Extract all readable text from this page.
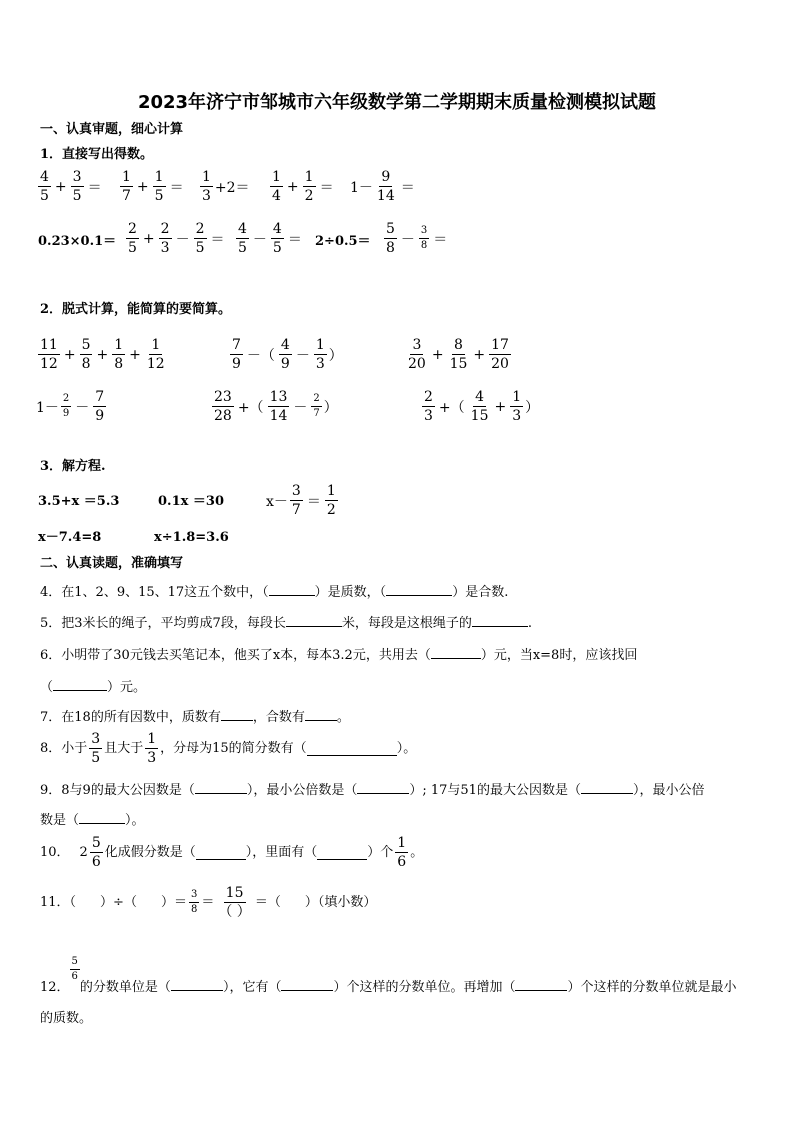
2023年济宁市邹城市六年级数学第二学期期末质量检测模拟试题
一、认真审题，细心计算
1．直接写出得数。
$\frac{4}{5} + \frac{3}{5} = \frac{1}{7} + \frac{1}{5} = \frac{1}{3} +2= \frac{1}{4} + \frac{1}{2} = 1- \frac{9}{14}$ ＝
$0.23\times 0.1= \frac{2}{5} + \frac{2}{3} - \frac{2}{5} = \frac{4}{5} - \frac{4}{5} = 2\div 0.5= \frac{5}{8} - \frac{3}{8}$ ＝
2．脱式计算，能简算的要简算。
$\frac{11}{12} + \frac{5}{8} + \frac{1}{8} + \frac{1}{12}$	$\frac{7}{9}$ －（ $\frac{4}{9} - \frac{1}{3}$ ）	$\frac{3}{20} + \frac{8}{15} + \frac{17}{20}$
$1- \frac{2}{9} - \frac{7}{9}$	$\frac{23}{28}$ +（ $\frac{13}{14} - \frac{2}{7}$ ）	$\frac{2}{3}$ +（ $\frac{4}{15} + \frac{1}{3}$ ）
3．解方程.
3.5+x ＝5.3	0.1x ＝30	$x- \frac{3}{7} = \frac{1}{2}$
x－7.4=8	x÷1.8=3.6
二、认真读题，准确填写
4．在1、2、9、15、17这五个数中，（	）是质数，（	）是合数.
5．把3米长的绳子，平均剪成7段，每段长	米，每段是这根绳子的	.
6．小明带了30元钱去买笔记本，他买了x本，每本3.2元，共用去（	）元，当x=8时，应该找回
（	）元。
7．在18的所有因数中，质数有 ，合数有 。
8．小于 $\frac{3}{5}$ 且大于 $\frac{1}{3}$ ，分母为15的简分数有（	）。
9．8与9的最大公因数是（	），最小公倍数是（	）; 17与51的最大公因数是（	），最小公倍
数是（	）。
10． $2 \frac{5}{6}$ 化成假分数是（	），里面有（	）个 $\frac{1}{6}$ 。
11．（ ）÷（ ）＝ $\frac{3}{8} = \frac{15}{( )}$ ＝（ ）（填小数）
12．
$\frac{5}{6}$
的分数单位是（	），它有（	）个这样的分数单位。再增加（	）个这样的分数单位就是最小
的质数。
